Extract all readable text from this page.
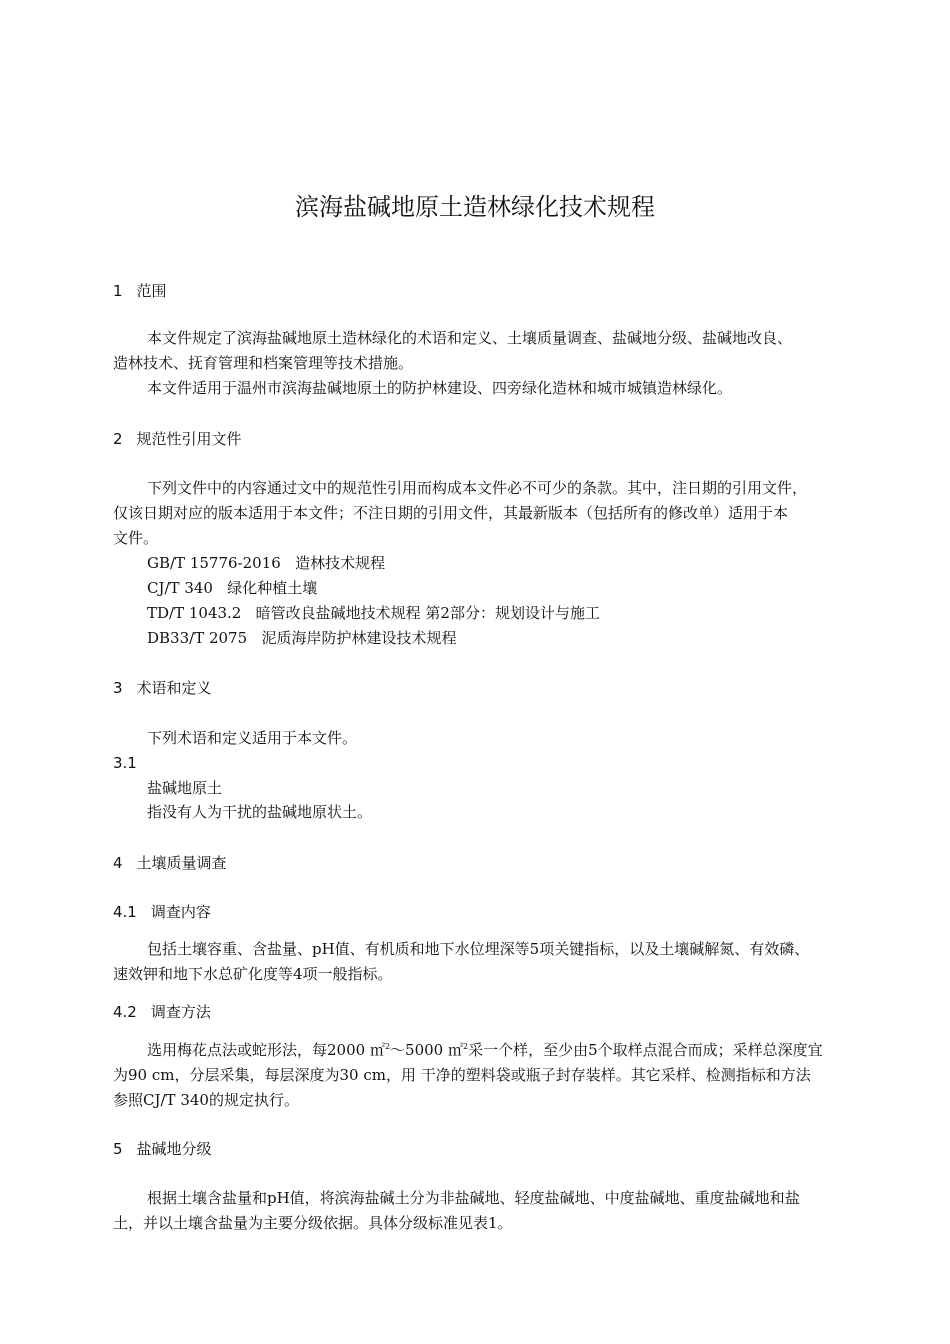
滨海盐碱地原土造林绿化技术规程
1 范围
本文件规定了滨海盐碱地原土造林绿化的术语和定义、土壤质量调查、盐碱地分级、盐碱地改良、
造林技术、抚育管理和档案管理等技术措施。
本文件适用于温州市滨海盐碱地原土的防护林建设、四旁绿化造林和城市城镇造林绿化。
2 规范性引用文件
下列文件中的内容通过文中的规范性引用而构成本文件必不可少的条款。其中，注日期的引用文件，
仅该日期对应的版本适用于本文件；不注日期的引用文件，其最新版本（包括所有的修改单）适用于本
文件。
GB/T 15776-2016 造林技术规程
CJ/T 340 绿化种植土壤
TD/T 1043.2 暗管改良盐碱地技术规程 第2部分：规划设计与施工
DB33/T 2075 泥质海岸防护林建设技术规程
3 术语和定义
下列术语和定义适用于本文件。
3.1
盐碱地原土
指没有人为干扰的盐碱地原状土。
4 土壤质量调查
4.1 调查内容
包括土壤容重、含盐量、pH值、有机质和地下水位埋深等5项关键指标，以及土壤碱解氮、有效磷、
速效钾和地下水总矿化度等4项一般指标。
4.2 调查方法
选用梅花点法或蛇形法，每2000 ㎡$^2$～5000 ㎡$^2$采一个样，至少由5个取样点混合而成；采样总深度宜
为90 cm，分层采集，每层深度为30 cm，用 干净的塑料袋或瓶子封存装样。其它采样、检测指标和方法
参照CJ/T 340的规定执行。
5 盐碱地分级
根据土壤含盐量和pH值，将滨海盐碱土分为非盐碱地、轻度盐碱地、中度盐碱地、重度盐碱地和盐
土，并以土壤含盐量为主要分级依据。具体分级标准见表1。
